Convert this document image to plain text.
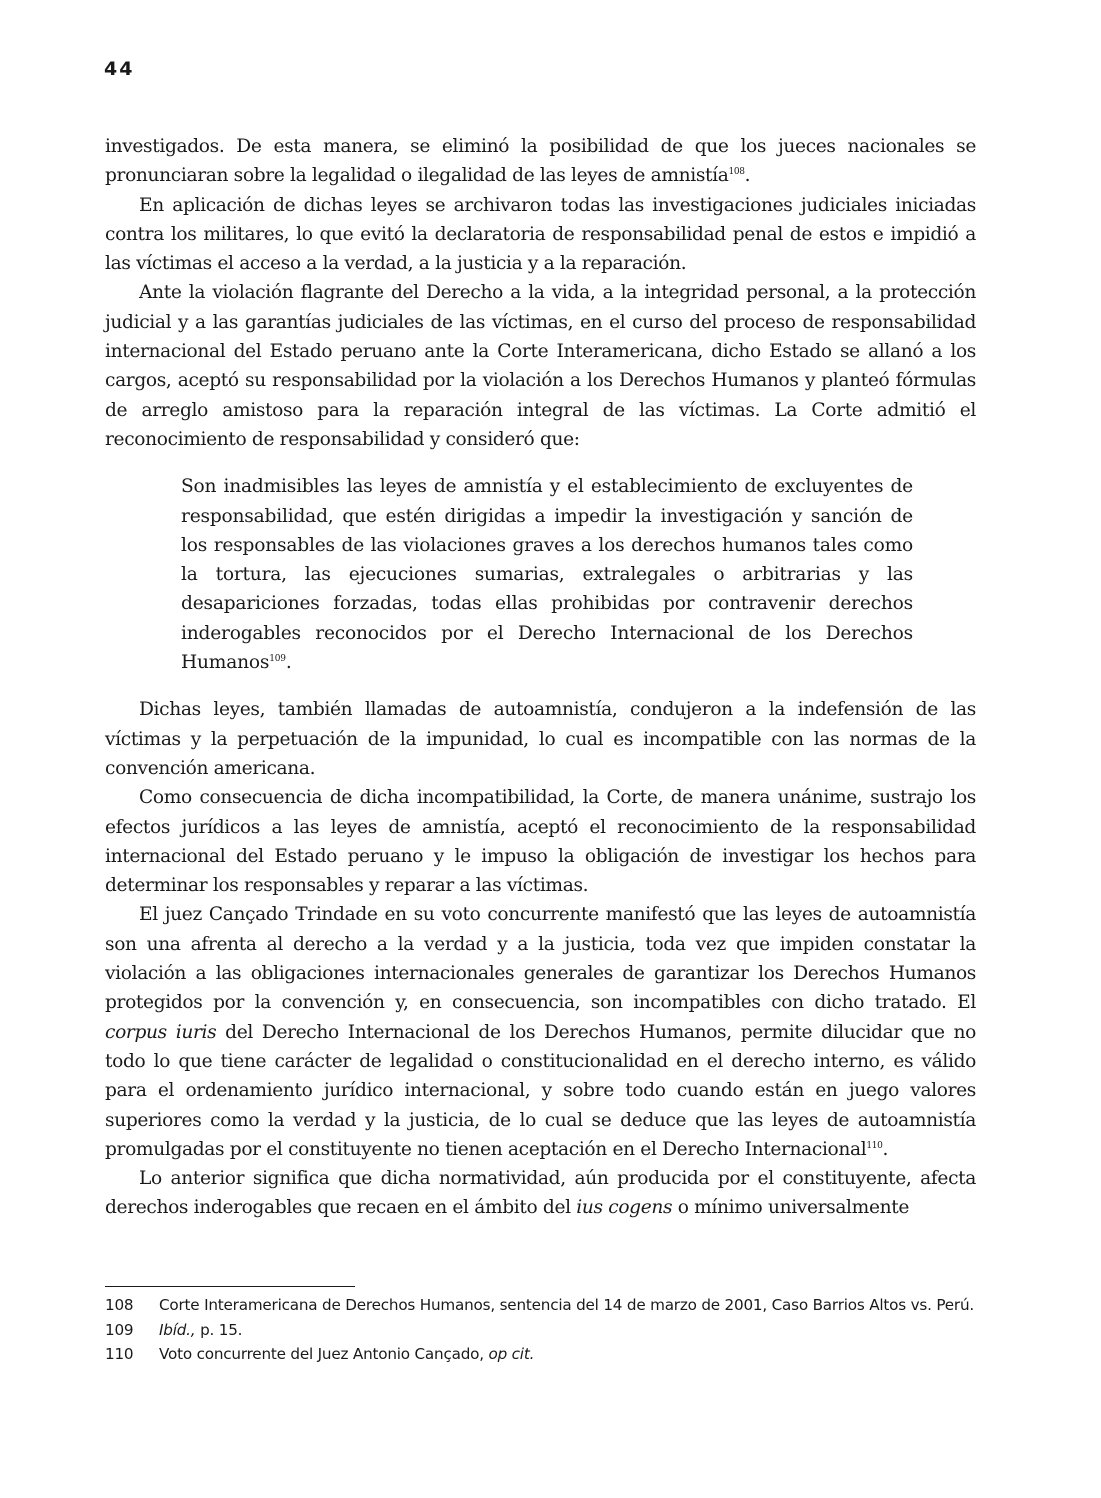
44

investigados. De esta manera, se eliminó la posibilidad de que los jueces nacionales se pronunciaran sobre la legalidad o ilegalidad de las leyes de amnistía$^{108}$.

En aplicación de dichas leyes se archivaron todas las investigaciones judiciales iniciadas contra los militares, lo que evitó la declaratoria de responsabilidad penal de estos e impidió a las víctimas el acceso a la verdad, a la justicia y a la reparación.

Ante la violación flagrante del Derecho a la vida, a la integridad personal, a la protección judicial y a las garantías judiciales de las víctimas, en el curso del proceso de responsabilidad internacional del Estado peruano ante la Corte Interamericana, dicho Estado se allanó a los cargos, aceptó su responsabilidad por la violación a los Derechos Humanos y planteó fórmulas de arreglo amistoso para la reparación integral de las víctimas. La Corte admitió el reconocimiento de responsabilidad y consideró que:

Son inadmisibles las leyes de amnistía y el establecimiento de excluyentes de responsabilidad, que estén dirigidas a impedir la investigación y sanción de los responsables de las violaciones graves a los derechos humanos tales como la tortura, las ejecuciones sumarias, extralegales o arbitrarias y las desapariciones forzadas, todas ellas prohibidas por contravenir derechos inderogables reconocidos por el Derecho Internacional de los Derechos Humanos$^{109}$.

Dichas leyes, también llamadas de autoamnistía, condujeron a la indefensión de las víctimas y la perpetuación de la impunidad, lo cual es incompatible con las normas de la convención americana.

Como consecuencia de dicha incompatibilidad, la Corte, de manera unánime, sustrajo los efectos jurídicos a las leyes de amnistía, aceptó el reconocimiento de la responsabilidad internacional del Estado peruano y le impuso la obligación de investigar los hechos para determinar los responsables y reparar a las víctimas.

El juez Cançado Trindade en su voto concurrente manifestó que las leyes de autoamnistía son una afrenta al derecho a la verdad y a la justicia, toda vez que impiden constatar la violación a las obligaciones internacionales generales de garantizar los Derechos Humanos protegidos por la convención y, en consecuencia, son incompatibles con dicho tratado. El corpus iuris del Derecho Internacional de los Derechos Humanos, permite dilucidar que no todo lo que tiene carácter de legalidad o constitucionalidad en el derecho interno, es válido para el ordenamiento jurídico internacional, y sobre todo cuando están en juego valores superiores como la verdad y la justicia, de lo cual se deduce que las leyes de autoamnistía promulgadas por el constituyente no tienen aceptación en el Derecho Internacional$^{110}$.

Lo anterior significa que dicha normatividad, aún producida por el constituyente, afecta derechos inderogables que recaen en el ámbito del ius cogens o mínimo universalmente

108 Corte Interamericana de Derechos Humanos, sentencia del 14 de marzo de 2001, Caso Barrios Altos vs. Perú.

109 Ibíd., p. 15.

110 Voto concurrente del Juez Antonio Cançado, op cit.
